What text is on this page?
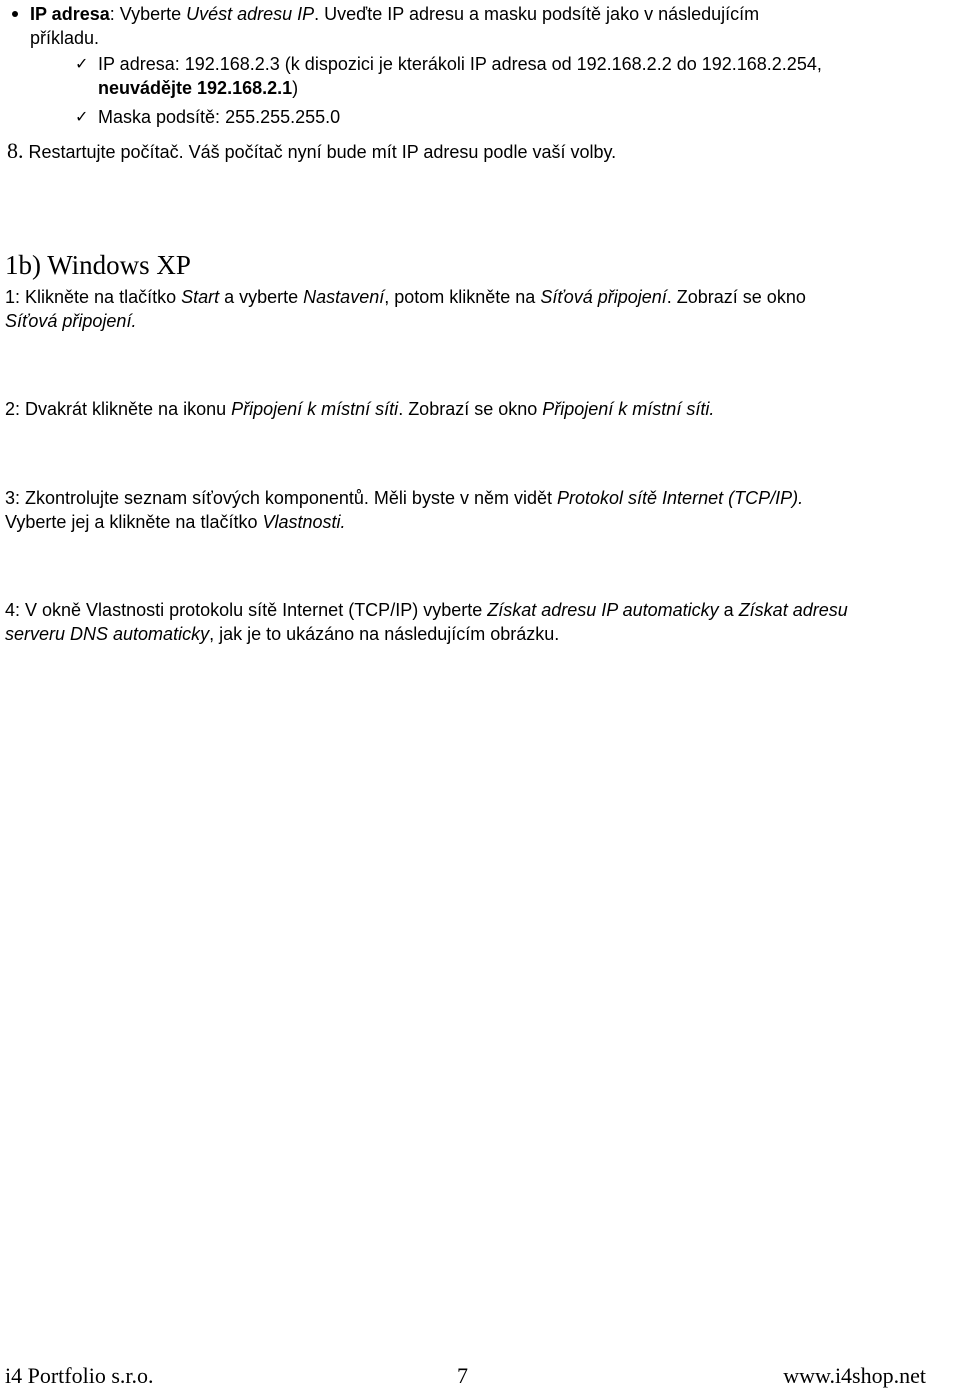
IP adresa: Vyberte Uvést adresu IP. Uveďte IP adresu a masku podsítě jako v následujícím
příkladu.
✓ IP adresa: 192.168.2.3 (k dispozici je kterákoli IP adresa od 192.168.2.2 do 192.168.2.254,
neuvádějte 192.168.2.1)
✓ Maska podsítě: 255.255.255.0
8. Restartujte počítač. Váš počítač nyní bude mít IP adresu podle vaší volby.
1b) Windows XP
1: Klikněte na tlačítko Start a vyberte Nastavení, potom klikněte na Síťová připojení. Zobrazí se okno
Síťová připojení.
2: Dvakrát klikněte na ikonu Připojení k místní síti. Zobrazí se okno Připojení k místní síti.
3: Zkontrolujte seznam síťových komponentů. Měli byste v něm vidět Protokol sítě Internet (TCP/IP).
Vyberte jej a klikněte na tlačítko Vlastnosti.
4: V okně Vlastnosti protokolu sítě Internet (TCP/IP) vyberte Získat adresu IP automaticky a Získat adresu
serveru DNS automaticky, jak je to ukázáno na následujícím obrázku.
i4 Portfolio s.r.o.	7	www.i4shop.net
